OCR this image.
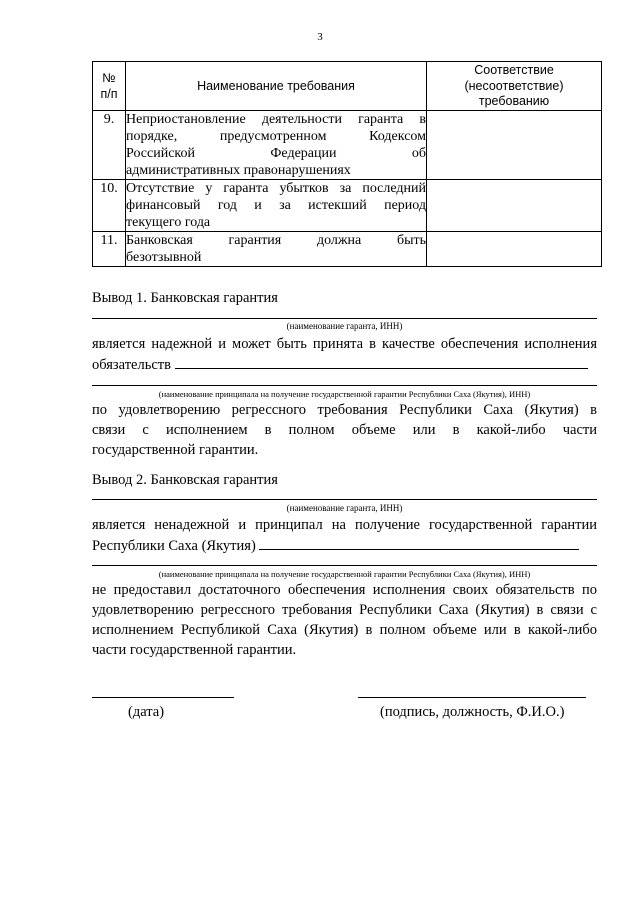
3
№
п/п	Наименование требования	Соответствие
(несоответствие)
требованию

9.	Неприостановление деятельности гаранта в
порядке, предусмотренном Кодексом
Российской Федерации об
административных правонарушениях	

10.	Отсутствие у гаранта убытков за последний
финансовый год и за истекший период
текущего года	

11.	Банковская гарантия должна быть
безотзывной	

Вывод 1. Банковская гарантия

(наименование гаранта, ИНН)

является надежной и может быть принята в качестве обеспечения исполнения
обязательств

(наименование принципала на получение государственной гарантии Республики Саха (Якутия), ИНН)

по удовлетворению регрессного требования Республики Саха (Якутия) в
связи с исполнением в полном объеме или в какой-либо части
государственной гарантии.

Вывод 2. Банковская гарантия

(наименование гаранта, ИНН)

является ненадежной и принципал на получение государственной гарантии
Республики Саха (Якутия)

(наименование принципала на получение государственной гарантии Республики Саха (Якутия), ИНН)

не предоставил достаточного обеспечения исполнения своих обязательств по
удовлетворению регрессного требования Республики Саха (Якутия) в связи с
исполнением Республикой Саха (Якутия) в полном объеме или в какой-либо
части государственной гарантии.

(дата)	(подпись, должность, Ф.И.О.)
